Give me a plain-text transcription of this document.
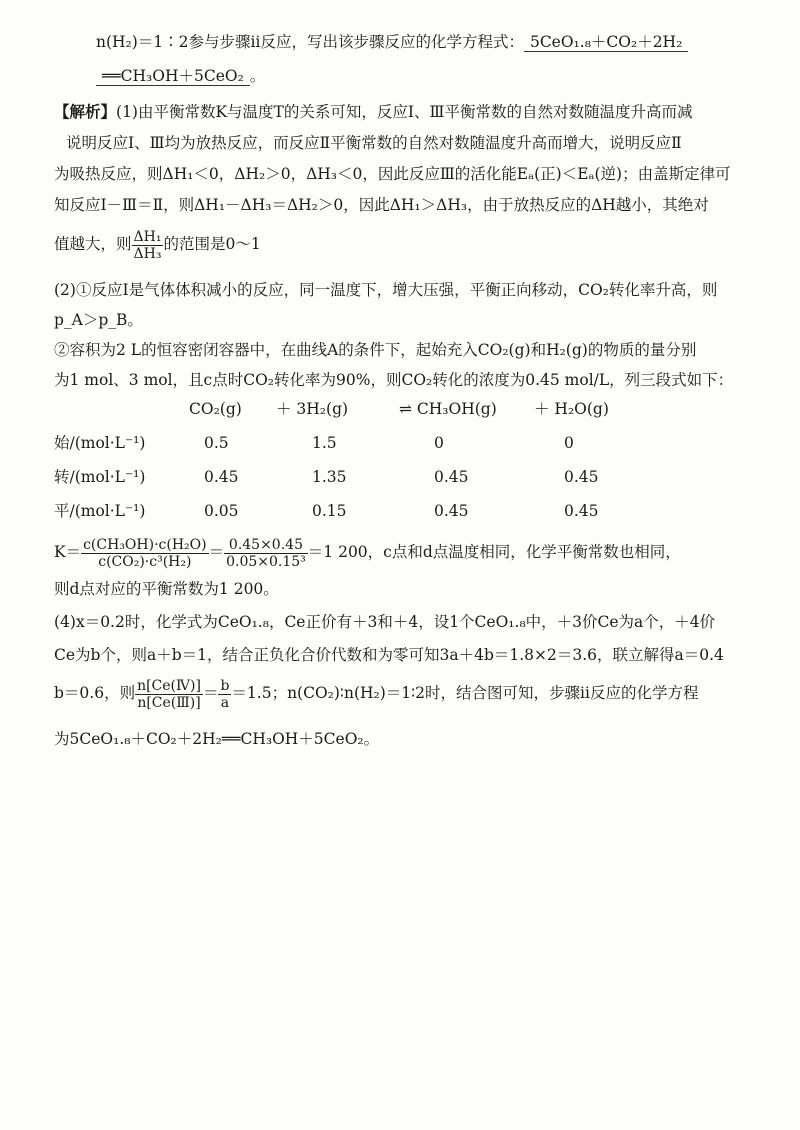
n(H₂)＝1∶2参与步骤ⅱ反应，写出该步骤反应的化学方程式： 5CeO₁.₈＋CO₂＋2H₂
══CH₃OH＋5CeO₂ 。
【解析】(1)由平衡常数K与温度T的关系可知，反应Ⅰ、Ⅲ平衡常数的自然对数随温度升高而减
说明反应Ⅰ、Ⅲ均为放热反应，而反应Ⅱ平衡常数的自然对数随温度升高而增大，说明反应Ⅱ
为吸热反应，则ΔH₁＜0，ΔH₂＞0，ΔH₃＜0，因此反应Ⅲ的活化能Eₐ(正)＜Eₐ(逆)；由盖斯定律可
知反应Ⅰ－Ⅲ＝Ⅱ，则ΔH₁－ΔH₃＝ΔH₂＞0，因此ΔH₁＞ΔH₃，由于放热反应的ΔH越小，其绝对
值越大，则 $\frac{\text{ΔH₁}}{\text{ΔH₃}}$ 的范围是0～1
(2)①反应Ⅰ是气体体积减小的反应，同一温度下，增大压强，平衡正向移动，CO₂转化率升高，则
p_A＞p_B。
②容积为2 L的恒容密闭容器中，在曲线A的条件下，起始充入CO₂(g)和H₂(g)的物质的量分别
为1 mol、3 mol，且c点时CO₂转化率为90%，则CO₂转化的浓度为0.45 mol/L，列三段式如下：
CO₂(g) ＋ 3H₂(g)	⇌ CH₃OH(g) ＋ H₂O(g)
始/(mol·L⁻¹)	0.5	1.5	0	0
转/(mol·L⁻¹)	0.45	1.35	0.45	0.45
平/(mol·L⁻¹)	0.05	0.15	0.45	0.45
$K= \frac{\text{c(CH₃OH)·c(H₂O)}}{\text{c(CO₂)·c³(H₂)}} = \frac{0.45\times 0.45}{\text{0.05×0.15³}} =1$ 200，c点和d点温度相同，化学平衡常数也相同，
则d点对应的平衡常数为1 200。
(4)x＝0.2时，化学式为CeO₁.₈，Ce正价有＋3和＋4，设1个CeO₁.₈中，＋3价Ce为a个，＋4价
Ce为b个，则a＋b＝1，结合正负化合价代数和为零可知3a＋4b＝1.8×2＝3.6，联立解得a＝0.4
b＝0.6，则 $\frac{\text{n[Ce(Ⅳ)]}}{\text{n[Ce(Ⅲ)]}} = \frac{b}{a} =1.5$；n(CO₂)∶n(H₂)＝1∶2时，结合图可知，步骤ⅱ反应的化学方程
为5CeO₁.₈＋CO₂＋2H₂══CH₃OH＋5CeO₂。
